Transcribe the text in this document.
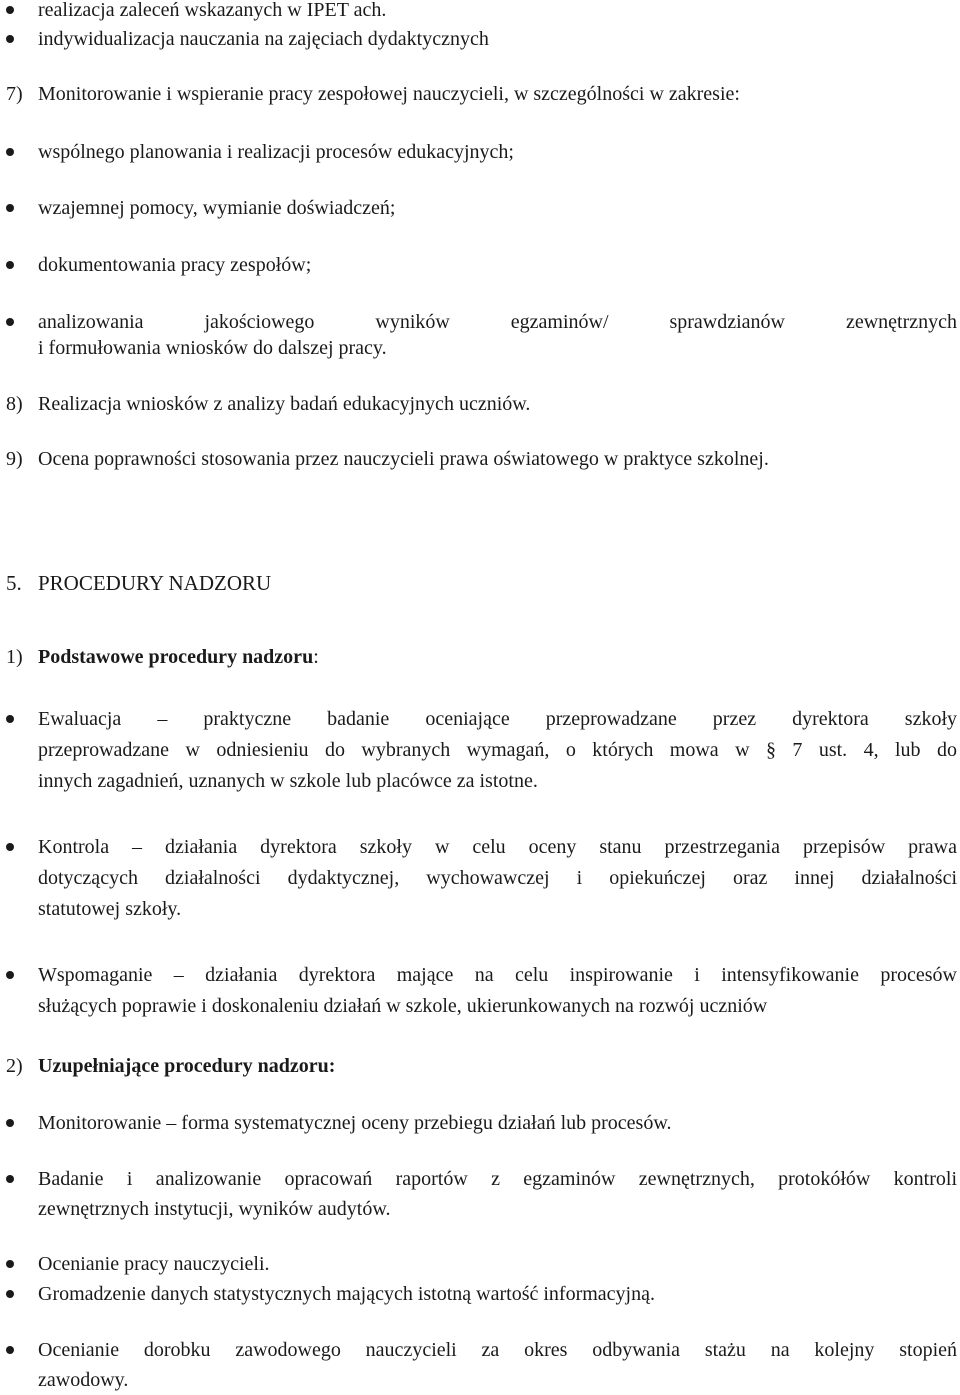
realizacja zaleceń wskazanych w IPET ach.
indywidualizacja nauczania na zajęciach dydaktycznych
7) Monitorowanie i wspieranie pracy zespołowej nauczycieli, w szczególności w zakresie:
wspólnego planowania i realizacji procesów edukacyjnych;
wzajemnej pomocy, wymianie doświadczeń;
dokumentowania pracy zespołów;
analizowania jakościowego wyników egzaminów/ sprawdzianów zewnętrznych
i formułowania wniosków do dalszej pracy.
8) Realizacja wniosków z analizy badań edukacyjnych uczniów.
9) Ocena poprawności stosowania przez nauczycieli prawa oświatowego w praktyce szkolnej.
5. PROCEDURY NADZORU
1) Podstawowe procedury nadzoru:
Ewaluacja – praktyczne badanie oceniające przeprowadzane przez dyrektora szkoły
przeprowadzane w odniesieniu do wybranych wymagań, o których mowa w § 7 ust. 4, lub do
innych zagadnień, uznanych w szkole lub placówce za istotne.
Kontrola – działania dyrektora szkoły w celu oceny stanu przestrzegania przepisów prawa
dotyczących działalności dydaktycznej, wychowawczej i opiekuńczej oraz innej działalności
statutowej szkoły.
Wspomaganie – działania dyrektora mające na celu inspirowanie i intensyfikowanie procesów
służących poprawie i doskonaleniu działań w szkole, ukierunkowanych na rozwój uczniów
2) Uzupełniające procedury nadzoru:
Monitorowanie – forma systematycznej oceny przebiegu działań lub procesów.
Badanie i analizowanie opracowań raportów z egzaminów zewnętrznych, protokółów kontroli
zewnętrznych instytucji, wyników audytów.
Ocenianie pracy nauczycieli.
Gromadzenie danych statystycznych mających istotną wartość informacyjną.
Ocenianie dorobku zawodowego nauczycieli za okres odbywania stażu na kolejny stopień
zawodowy.
